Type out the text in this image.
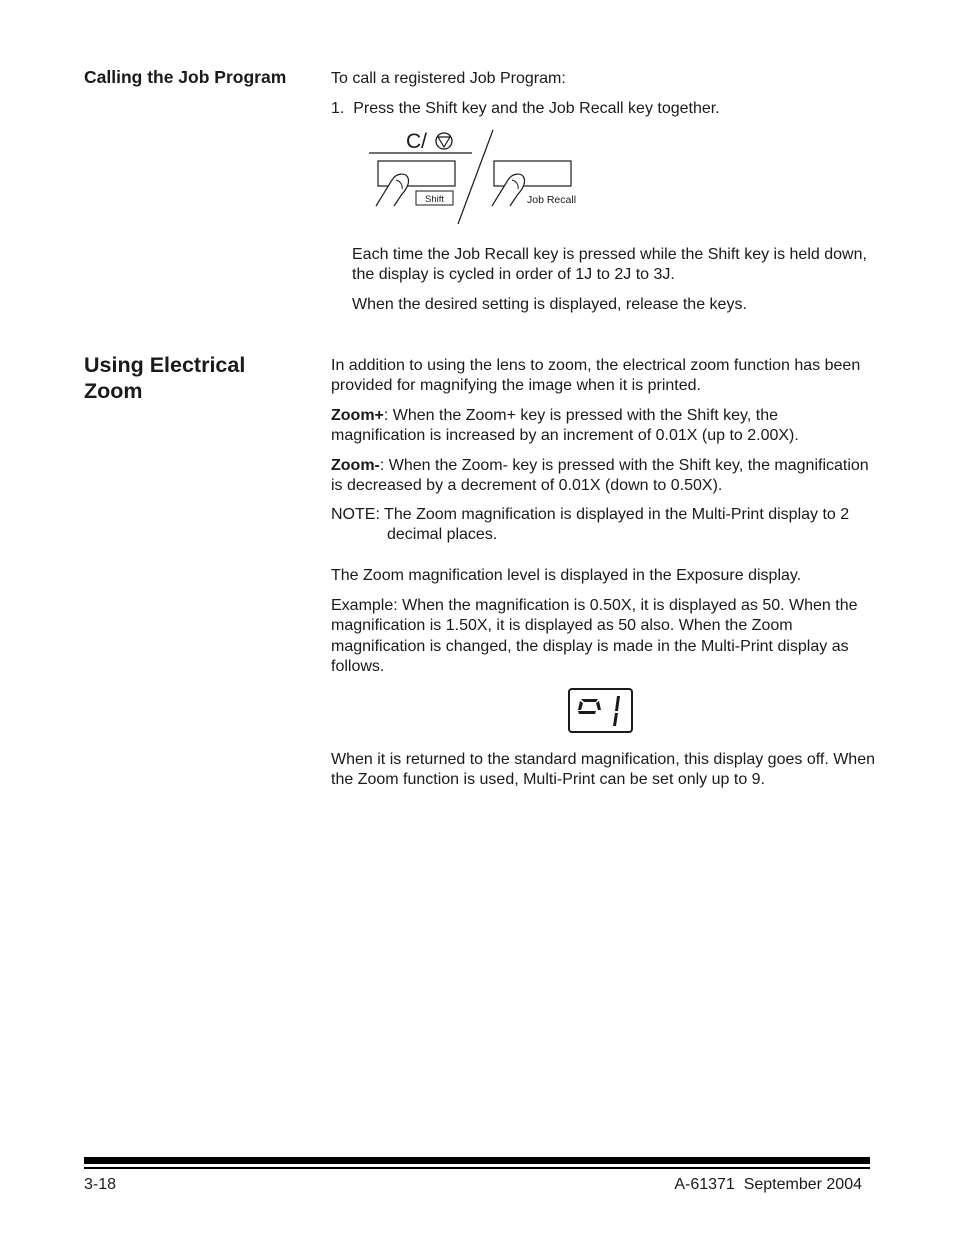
Calling the Job Program	To call a registered Job Program:
1.  Press the Shift key and the Job Recall key together.
C/
Shift	Job Recall
Each time the Job Recall key is pressed while the Shift key is held down, the display is cycled in order of 1J to 2J to 3J.
When the desired setting is displayed, release the keys.
Using Electrical Zoom
In addition to using the lens to zoom, the electrical zoom function has been provided for magnifying the image when it is printed.
Zoom+: When the Zoom+ key is pressed with the Shift key, the magnification is increased by an increment of 0.01X (up to 2.00X).
Zoom-: When the Zoom- key is pressed with the Shift key, the magnification is decreased by a decrement of 0.01X (down to 0.50X).
NOTE: The Zoom magnification is displayed in the Multi-Print display to 2 decimal places.
The Zoom magnification level is displayed in the Exposure display.
Example: When the magnification is 0.50X, it is displayed as 50. When the magnification is 1.50X, it is displayed as 50 also. When the Zoom magnification is changed, the display is made in the Multi-Print display as follows.
When it is returned to the standard magnification, this display goes off. When the Zoom function is used, Multi-Print can be set only up to 9.
3-18	A-61371  September 2004
